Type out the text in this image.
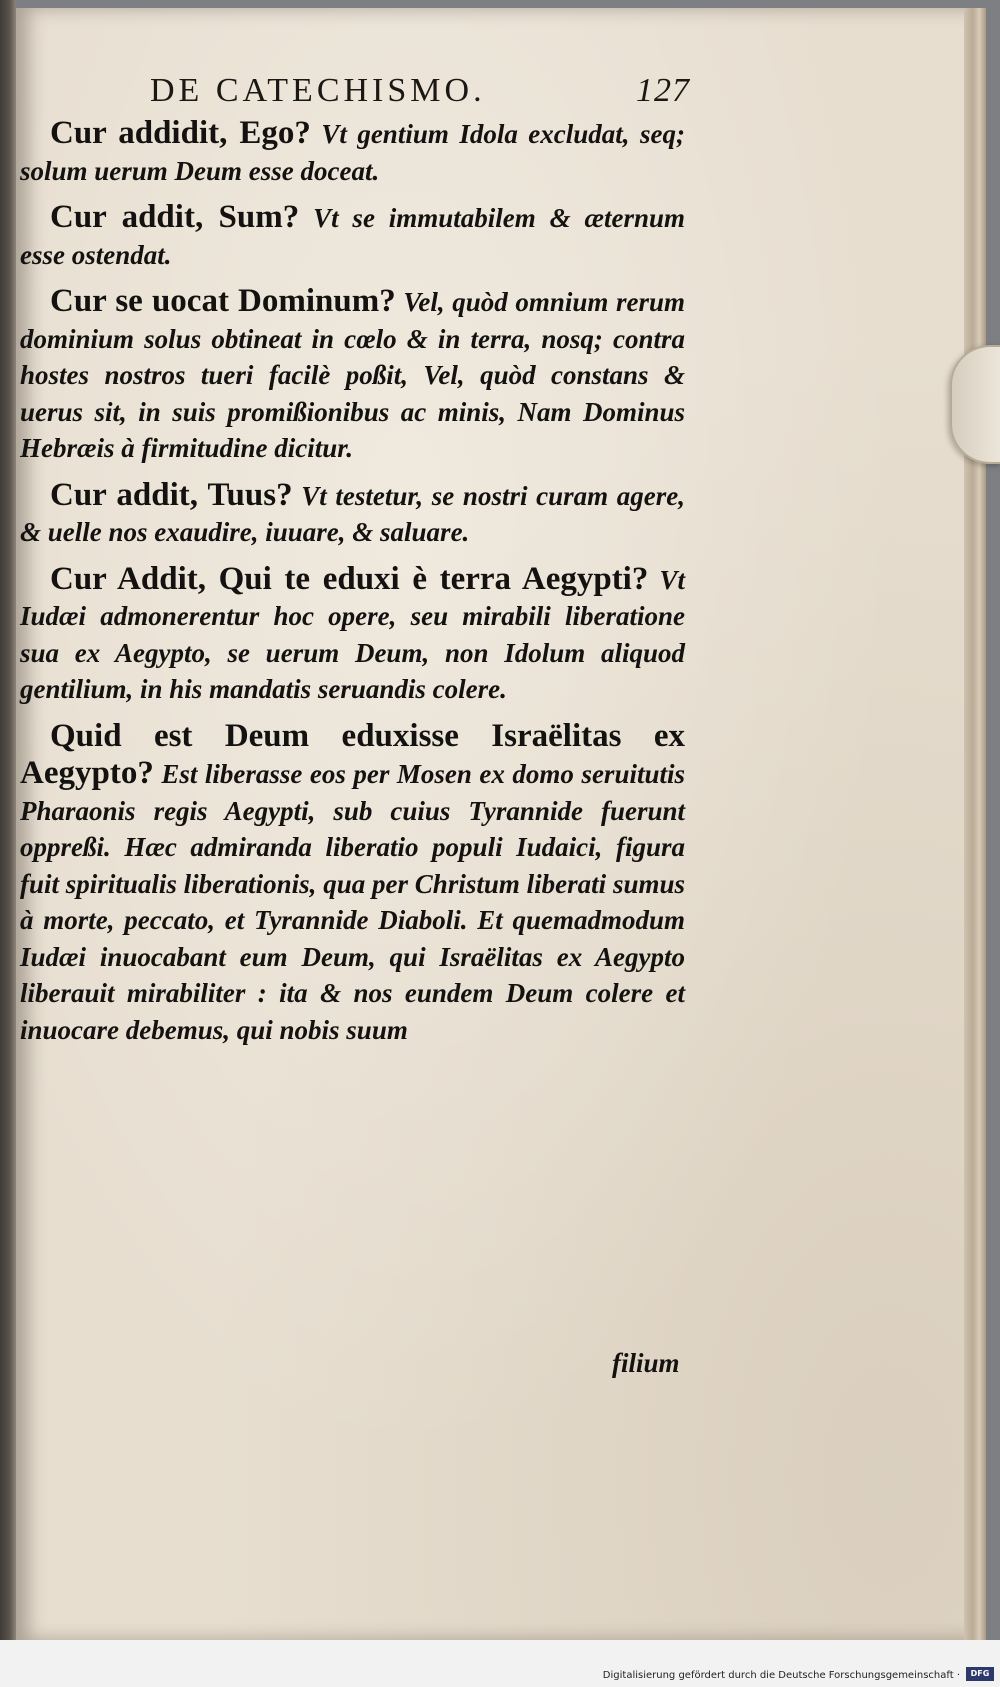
DE CATECHISMO.	127

Cur addidit, Ego? Vt gentium Idola excludat, seq; solum uerum Deum esse doceat.

Cur addit, Sum? Vt se immutabilem & æternum esse ostendat.

Cur se uocat Dominum? Vel, quòd omnium rerum dominium solus obtineat in cœlo & in terra, nosq; contra hostes nostros tueri facilè poßit, Vel, quòd constans & uerus sit, in suis promißionibus ac minis, Nam Dominus Hebræis à firmitudine dicitur.

Cur addit, Tuus? Vt testetur, se nostri curam agere, & uelle nos exaudire, iuuare, & saluare.

Cur Addit, Qui te eduxi è terra Aegypti? Vt Iudæi admonerentur hoc opere, seu mirabili liberatione sua ex Aegypto, se uerum Deum, non Idolum aliquod gentilium, in his mandatis seruandis colere.

Quid est Deum eduxisse Israëlitas ex Aegypto? Est liberasse eos per Mosen ex domo seruitutis Pharaonis regis Aegypti, sub cuius Tyrannide fuerunt oppreßi. Hæc admiranda liberatio populi Iudaici, figura fuit spiritualis liberationis, qua per Christum liberati sumus à morte, peccato, et Tyrannide Diaboli. Et quemadmodum Iudæi inuocabant eum Deum, qui Israëlitas ex Aegypto liberauit mirabiliter : ita & nos eundem Deum colere et inuocare debemus, qui nobis suum

filium
Digitalisierung gefördert durch die Deutsche Forschungsgemeinschaft ·	DFG
